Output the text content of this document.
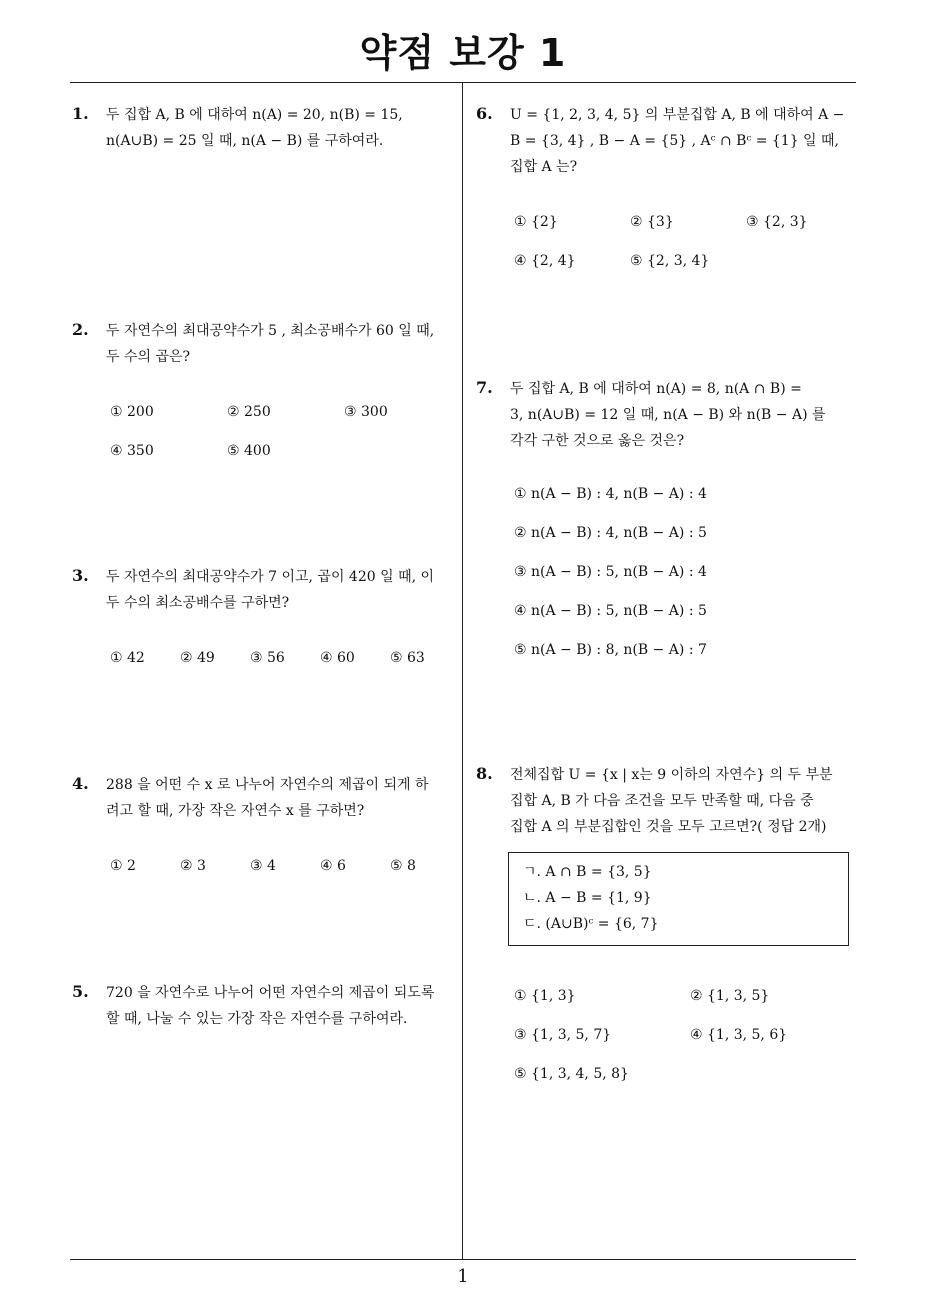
약점 보강 1
1
1. 두 집합 A, B 에 대하여 n(A) = 20, n(B) = 15,
n(A∪B) = 25 일 때, n(A − B) 를 구하여라.
2. 두 자연수의 최대공약수가 5 , 최소공배수가 60 일 때,
두 수의 곱은?
① 200	② 250	③ 300
④ 350	⑤ 400
3. 두 자연수의 최대공약수가 7 이고, 곱이 420 일 때, 이
두 수의 최소공배수를 구하면?
① 42	② 49	③ 56	④ 60	⑤ 63
4. 288 을 어떤 수 x 로 나누어 자연수의 제곱이 되게 하
려고 할 때, 가장 작은 자연수 x 를 구하면?
① 2	② 3	③ 4	④ 6	⑤ 8
5. 720 을 자연수로 나누어 어떤 자연수의 제곱이 되도록
할 때, 나눌 수 있는 가장 작은 자연수를 구하여라.
6. U = {1, 2, 3, 4, 5} 의 부분집합 A, B 에 대하여 A −
B = {3, 4} , B − A = {5} , Aᶜ ∩ Bᶜ = {1} 일 때,
집합 A 는?
① {2}	② {3}	③ {2, 3}
④ {2, 4}	⑤ {2, 3, 4}
7. 두 집합 A, B 에 대하여 n(A) = 8, n(A ∩ B) =
3, n(A∪B) = 12 일 때, n(A − B) 와 n(B − A) 를
각각 구한 것으로 옳은 것은?
① n(A − B) : 4, n(B − A) : 4
② n(A − B) : 4, n(B − A) : 5
③ n(A − B) : 5, n(B − A) : 4
④ n(A − B) : 5, n(B − A) : 5
⑤ n(A − B) : 8, n(B − A) : 7
8. 전체집합 U = {x | x는 9 이하의 자연수} 의 두 부분
집합 A, B 가 다음 조건을 모두 만족할 때, 다음 중
집합 A 의 부분집합인 것을 모두 고르면?( 정답 2개)
ㄱ. A ∩ B = {3, 5}
ㄴ. A − B = {1, 9}
ㄷ. (A∪B)ᶜ = {6, 7}
① {1, 3}	② {1, 3, 5}
③ {1, 3, 5, 7}	④ {1, 3, 5, 6}
⑤ {1, 3, 4, 5, 8}
